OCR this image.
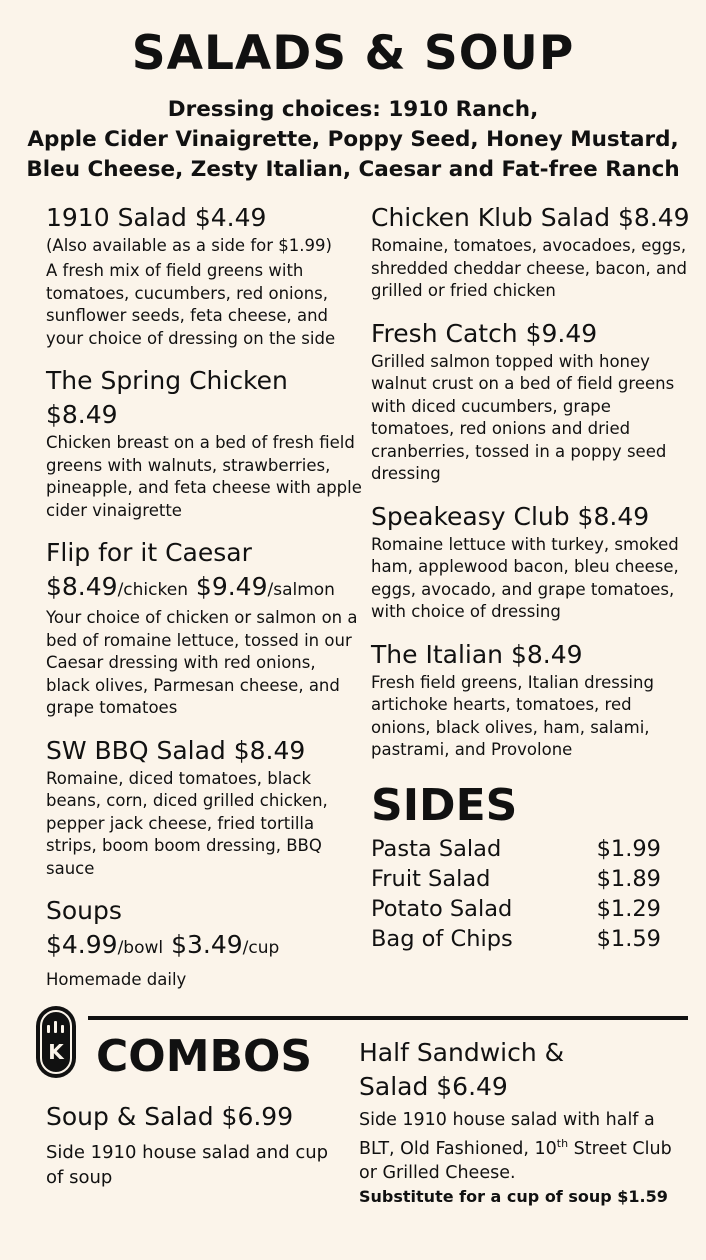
SALADS & SOUP
Dressing choices: 1910 Ranch,
Apple Cider Vinaigrette, Poppy Seed, Honey Mustard,
Bleu Cheese, Zesty Italian, Caesar and Fat-free Ranch
1910 Salad $4.49
(Also available as a side for $1.99)
A fresh mix of field greens with tomatoes, cucumbers, red onions, sunflower seeds, feta cheese, and your choice of dressing on the side
The Spring Chicken $8.49
Chicken breast on a bed of fresh field greens with walnuts, strawberries, pineapple, and feta cheese with apple cider vinaigrette
Flip for it Caesar
$8.49/chicken $9.49/salmon
Your choice of chicken or salmon on a bed of romaine lettuce, tossed in our Caesar dressing with red onions, black olives, Parmesan cheese, and grape tomatoes
SW BBQ Salad $8.49
Romaine, diced tomatoes, black beans, corn, diced grilled chicken, pepper jack cheese, fried tortilla strips, boom boom dressing, BBQ sauce
Soups
$4.99/bowl $3.49/cup
Homemade daily
Chicken Klub Salad $8.49
Romaine, tomatoes, avocadoes, eggs, shredded cheddar cheese, bacon, and grilled or fried chicken
Fresh Catch $9.49
Grilled salmon topped with honey walnut crust on a bed of field greens with diced cucumbers, grape tomatoes, red onions and dried cranberries, tossed in a poppy seed dressing
Speakeasy Club $8.49
Romaine lettuce with turkey, smoked ham, applewood bacon, bleu cheese, eggs, avocado, and grape tomatoes, with choice of dressing
The Italian $8.49
Fresh field greens, Italian dressing artichoke hearts, tomatoes, red onions, black olives, ham, salami, pastrami, and Provolone
SIDES
Pasta Salad	$1.99
Fruit Salad	$1.89
Potato Salad	$1.29
Bag of Chips	$1.59
K COMBOS
Soup & Salad $6.99
Side 1910 house salad and cup of soup
Half Sandwich &
Salad $6.49
Side 1910 house salad with half a BLT, Old Fashioned, 10th Street Club or Grilled Cheese.
Substitute for a cup of soup $1.59
